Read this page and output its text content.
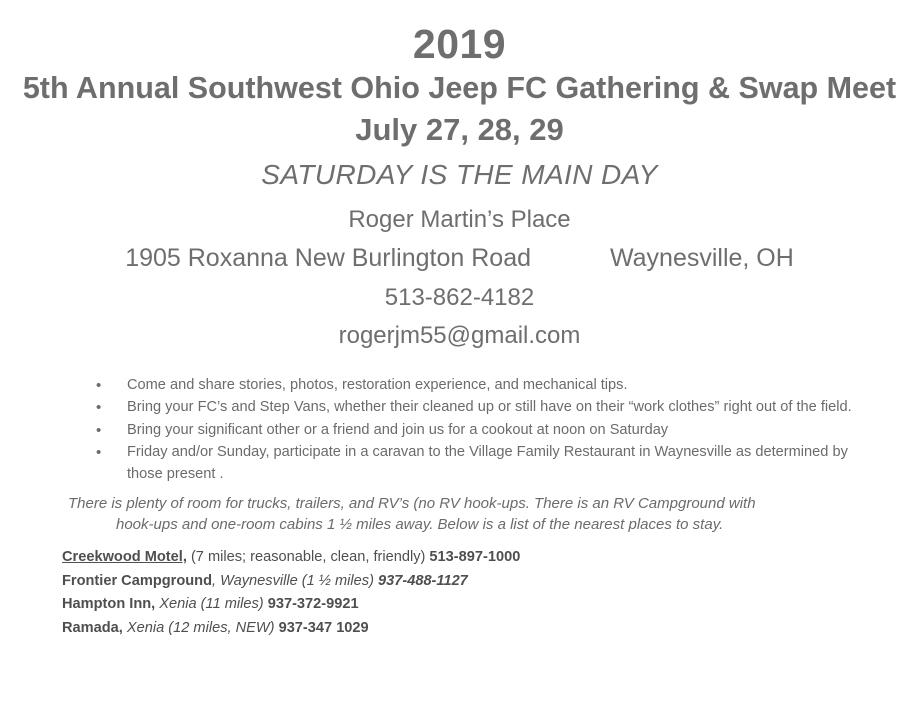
2019
5th Annual Southwest Ohio Jeep FC Gathering & Swap Meet
July 27, 28, 29
SATURDAY IS THE MAIN DAY
Roger Martin’s Place
1905 Roxanna New Burlington Road	Waynesville, OH
513-862-4182
rogerjm55@gmail.com
• Come and share stories, photos, restoration experience, and mechanical tips.
• Bring your FC’s and Step Vans, whether their cleaned up or still have on their “work clothes” right out of the field.
• Bring your significant other or a friend and join us for a cookout at noon on Saturday
• Friday and/or Sunday, participate in a caravan to the Village Family Restaurant in Waynesville as determined by those present .
There is plenty of room for trucks, trailers, and RV’s (no RV hook-ups. There is an RV Campground with
hook-ups and one-room cabins 1 ½ miles away. Below is a list of the nearest places to stay.
Creekwood Motel, (7 miles; reasonable, clean, friendly) 513-897-1000
Frontier Campground, Waynesville (1 ½ miles) 937-488-1127
Hampton Inn, Xenia (11 miles) 937-372-9921
Ramada, Xenia (12 miles, NEW) 937-347 1029
